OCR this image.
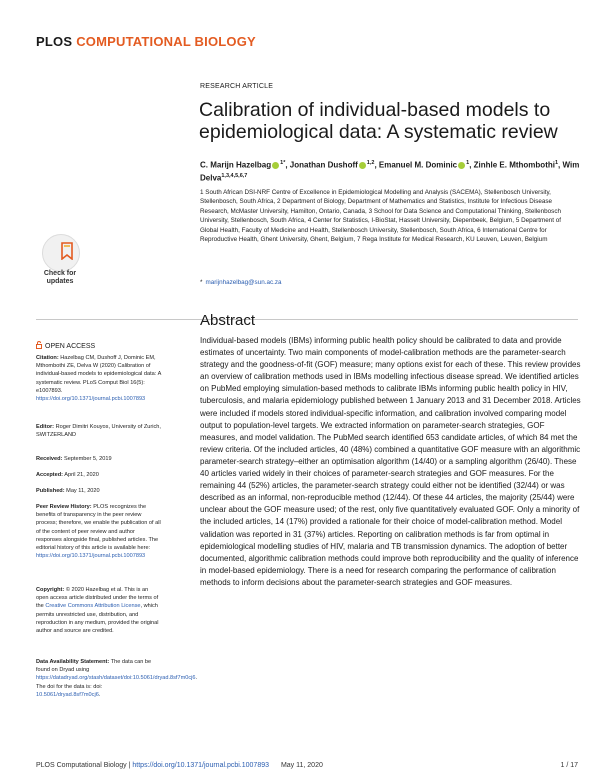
PLOS COMPUTATIONAL BIOLOGY
RESEARCH ARTICLE
Calibration of individual-based models to epidemiological data: A systematic review
C. Marijn Hazelbag $^{1*}$, Jonathan Dushoff $^{1,2}$, Emanuel M. Dominic $^1$, Zinhle E. Mthombothi$^1$, Wim Delva$^{1,3,4,5,6,7}$
1 South African DSI-NRF Centre of Excellence in Epidemiological Modelling and Analysis (SACEMA), Stellenbosch University, Stellenbosch, South Africa, 2 Department of Biology, Department of Mathematics and Statistics, Institute for Infectious Disease Research, McMaster University, Hamilton, Ontario, Canada, 3 School for Data Science and Computational Thinking, Stellenbosch University, Stellenbosch, South Africa, 4 Center for Statistics, I-BioStat, Hasselt University, Diepenbeek, Belgium, 5 Department of Global Health, Faculty of Medicine and Health, Stellenbosch University, Stellenbosch, South Africa, 6 International Centre for Reproductive Health, Ghent University, Ghent, Belgium, 7 Rega Institute for Medical Research, KU Leuven, Leuven, Belgium
* marijnhazelbag@sun.ac.za
Check for
updates
OPEN ACCESS
Citation: Hazelbag CM, Dushoff J, Dominic EM, Mthombothi ZE, Delva W (2020) Calibration of individual-based models to epidemiological data: A systematic review. PLoS Comput Biol 16(5): e1007893. https://doi.org/10.1371/journal.pcbi.1007893
Editor: Roger Dimitri Kouyos, University of Zurich, SWITZERLAND
Received: September 5, 2019
Accepted: April 21, 2020
Published: May 11, 2020
Peer Review History: PLOS recognizes the benefits of transparency in the peer review process; therefore, we enable the publication of all of the content of peer review and author responses alongside final, published articles. The editorial history of this article is available here: https://doi.org/10.1371/journal.pcbi.1007893
Copyright: © 2020 Hazelbag et al. This is an open access article distributed under the terms of the Creative Commons Attribution License, which permits unrestricted use, distribution, and reproduction in any medium, provided the original author and source are credited.
Data Availability Statement: The data can be found on Dryad using https://datadryad.org/stash/dataset/doi:10.5061/dryad.8sf7m0cj6. The doi for the data is: doi: 10.5061/dryad.8sf7m0cj6.
Abstract
Individual-based models (IBMs) informing public health policy should be calibrated to data and provide estimates of uncertainty. Two main components of model-calibration methods are the parameter-search strategy and the goodness-of-fit (GOF) measure; many options exist for each of these. This review provides an overview of calibration methods used in IBMs modelling infectious disease spread. We identified articles on PubMed employing simulation-based methods to calibrate IBMs informing public health policy in HIV, tuberculosis, and malaria epidemiology published between 1 January 2013 and 31 December 2018. Articles were included if models stored individual-specific information, and calibration involved comparing model output to population-level targets. We extracted information on parameter-search strategies, GOF measures, and model validation. The PubMed search identified 653 candidate articles, of which 84 met the review criteria. Of the included articles, 40 (48%) combined a quantitative GOF measure with an algorithmic parameter-search strategy–either an optimisation algorithm (14/40) or a sampling algorithm (26/40). These 40 articles varied widely in their choices of parameter-search strategies and GOF measures. For the remaining 44 (52%) articles, the parameter-search strategy could either not be identified (32/44) or was described as an informal, non-reproducible method (12/44). Of these 44 articles, the majority (25/44) were unclear about the GOF measure used; of the rest, only five quantitatively evaluated GOF. Only a minority of the included articles, 14 (17%) provided a rationale for their choice of model-calibration method. Model validation was reported in 31 (37%) articles. Reporting on calibration methods is far from optimal in epidemiological modelling studies of HIV, malaria and TB transmission dynamics. The adoption of better documented, algorithmic calibration methods could improve both reproducibility and the quality of inference in model-based epidemiology. There is a need for research comparing the performance of calibration methods to inform decisions about the parameter-search strategies and GOF measures.
PLOS Computational Biology | https://doi.org/10.1371/journal.pcbi.1007893 May 11, 2020	1 / 17
